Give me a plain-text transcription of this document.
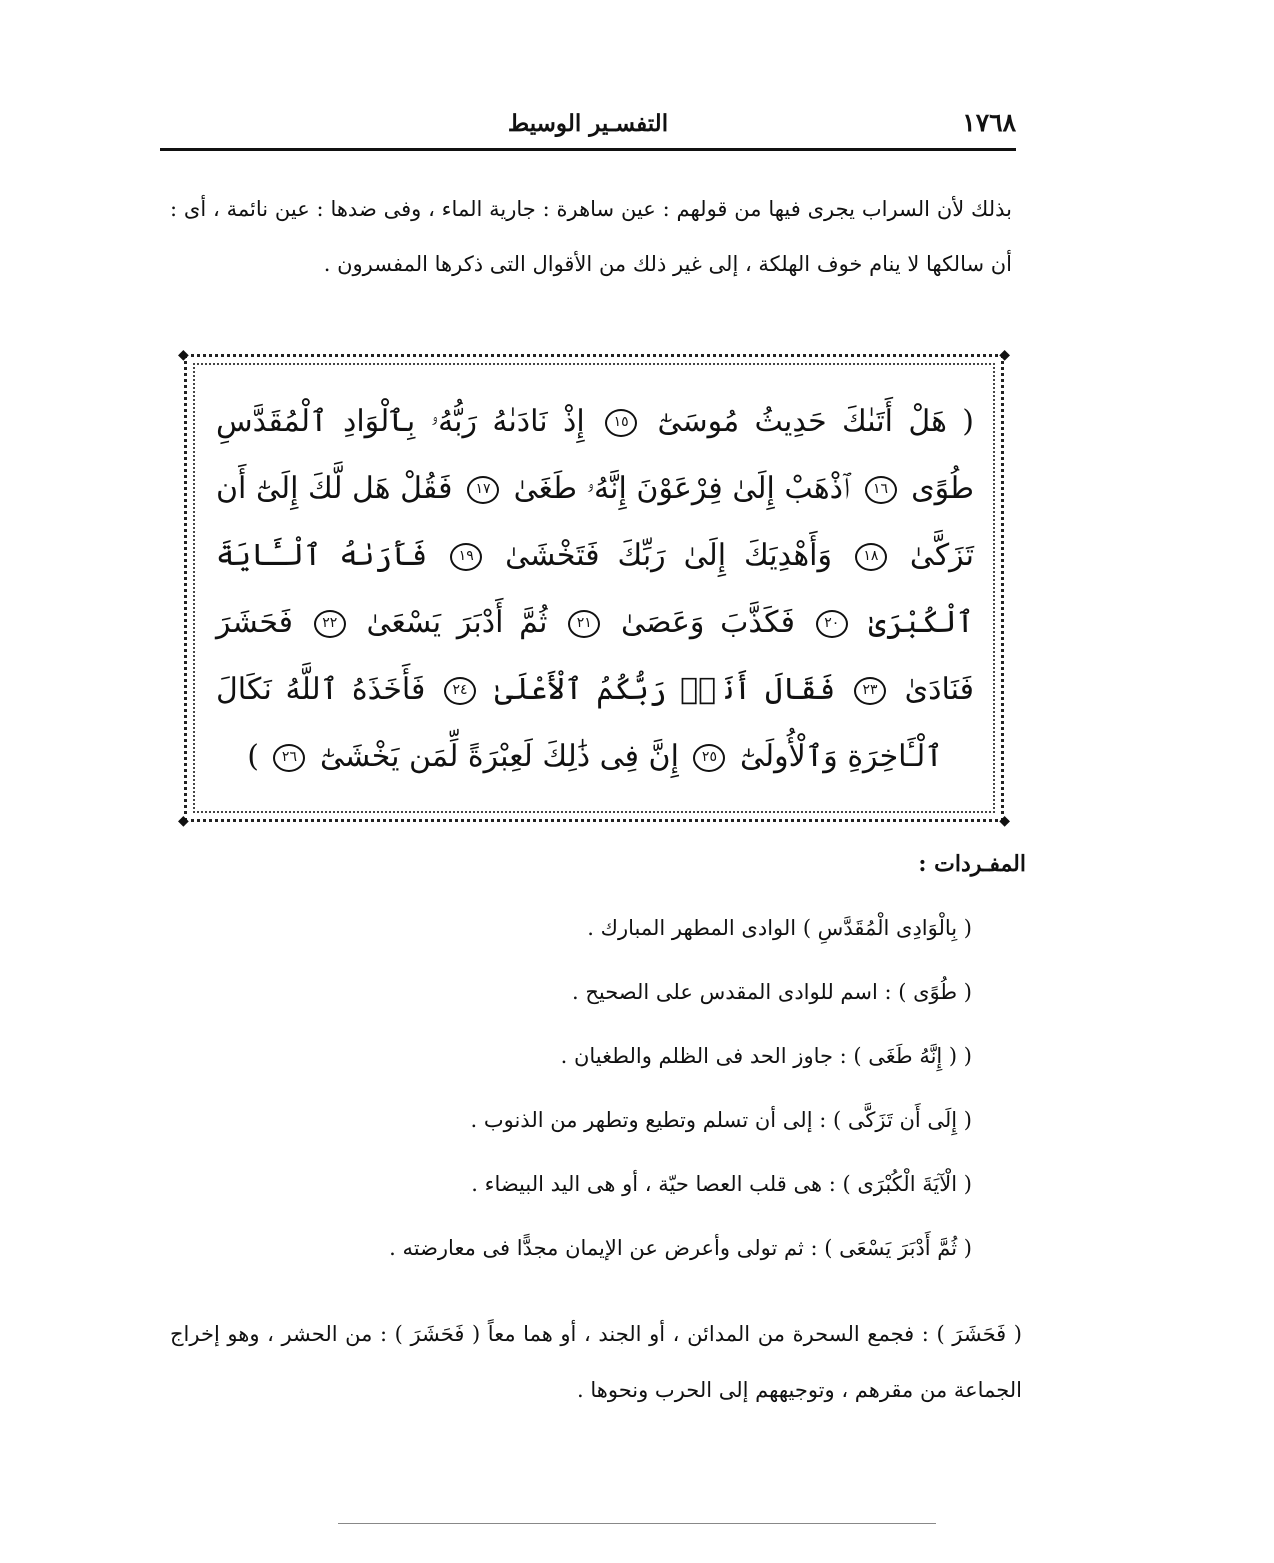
١٧٦٨
التفسـير الوسيط

بذلك لأن السراب يجرى فيها من قولهم : عين ساهرة : جارية الماء ، وفى ضدها : عين نائمة ، أى : أن سالكها لا ينام خوف الهلكة ، إلى غير ذلك من الأقوال التى ذكرها المفسرون .

◆	◆
◆	◆
( هَلْ أَتَىٰكَ حَدِيثُ مُوسَىٰٓ ١٥ إِذْ نَادَىٰهُ رَبُّهُۥ بِٱلْوَادِ ٱلْمُقَدَّسِ طُوًى ١٦ ٱذْهَبْ إِلَىٰ فِرْعَوْنَ إِنَّهُۥ طَغَىٰ ١٧ فَقُلْ هَل لَّكَ إِلَىٰٓ أَن تَزَكَّىٰ ١٨ وَأَهْدِيَكَ إِلَىٰ رَبِّكَ فَتَخْشَىٰ ١٩ فَأَرَىٰهُ ٱلْـَٔايَةَ ٱلْكُبْرَىٰ ٢٠ فَكَذَّبَ وَعَصَىٰ ٢١ ثُمَّ أَدْبَرَ يَسْعَىٰ ٢٢ فَحَشَرَ فَنَادَىٰ ٢٣ فَقَالَ أَنَا۠ رَبُّكُمُ ٱلْأَعْلَىٰ ٢٤ فَأَخَذَهُ ٱللَّهُ نَكَالَ ٱلْـَٔاخِرَةِ وَٱلْأُولَىٰٓ ٢٥ إِنَّ فِى ذَٰلِكَ لَعِبْرَةً لِّمَن يَخْشَىٰٓ ٢٦ )
المفـردات :
( بِالْوَادِى الْمُقَدَّسِ ) الوادى المطهر المبارك .
( طُوًى ) : اسم للوادى المقدس على الصحيح .
( ( إِنَّهُ طَغَى ) : جاوز الحد فى الظلم والطغيان .
( إِلَى أَن تَزَكَّى ) : إلى أن تسلم وتطيع وتطهر من الذنوب .
( الْآيَةَ الْكُبْرَى ) : هى قلب العصا حيّة ، أو هى اليد البيضاء .
( ثُمَّ أَدْبَرَ يَسْعَى ) : ثم تولى وأعرض عن الإيمان مجدًّا فى معارضته .

( فَحَشَرَ ) : فجمع السحرة من المدائن ، أو الجند ، أو هما معاً ( فَحَشَرَ ) : من الحشر ، وهو إخراج الجماعة من مقرهم ، وتوجيههم إلى الحرب ونحوها .
